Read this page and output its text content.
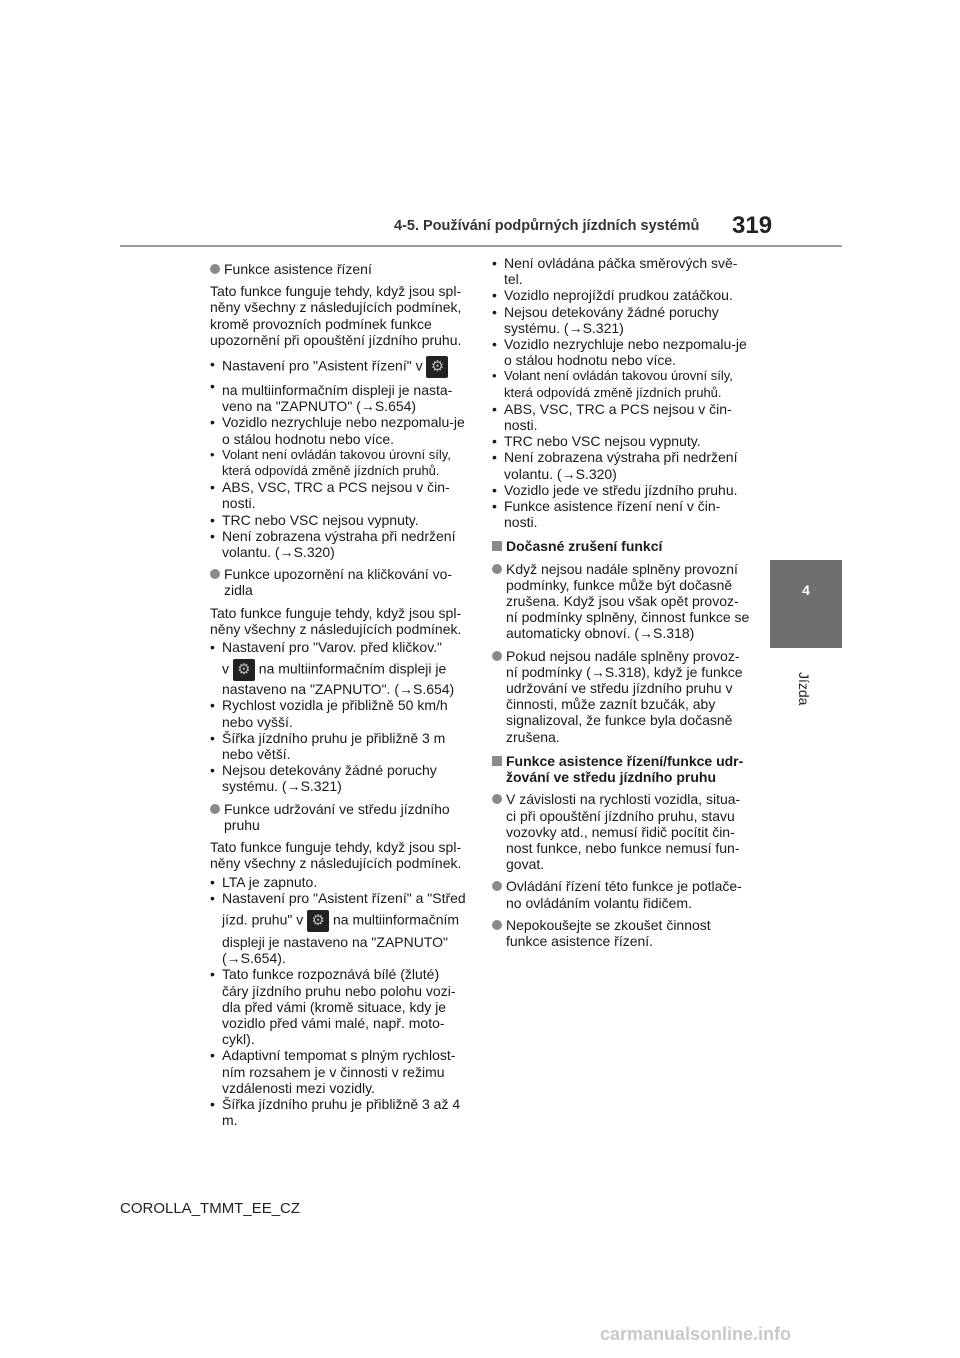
4-5. Používání podpůrných jízdních systémů 319
4
Jízda

Funkce asistence řízení

Tato funkce funguje tehdy, když jsou spl-něny všechny z následujících podmínek, kromě provozních podmínek funkce upozornění při opouštění jízdního pruhu.

• Nastavení pro "Asistent řízení" v ⚙

• na multiinformačním displeji je nasta-veno na "ZAPNUTO" (→S.654)

• Vozidlo nezrychluje nebo nezpomalu-je o stálou hodnotu nebo více.

• Volant není ovládán takovou úrovní síly, která odpovídá změně jízdních pruhů.

• ABS, VSC, TRC a PCS nejsou v čin-nosti.

• TRC nebo VSC nejsou vypnuty.

• Není zobrazena výstraha při nedržení volantu. (→S.320)

Funkce upozornění na kličkování vo-zidla

Tato funkce funguje tehdy, když jsou spl-něny všechny z následujících podmínek.

• Nastavení pro "Varov. před kličkov."

v ⚙ na multiinformačním displeji je nastaveno na "ZAPNUTO". (→S.654)

• Rychlost vozidla je přibližně 50 km/h nebo vyšší.

• Šířka jízdního pruhu je přibližně 3 m nebo větší.

• Nejsou detekovány žádné poruchy systému. (→S.321)

Funkce udržování ve středu jízdního pruhu

Tato funkce funguje tehdy, když jsou spl-něny všechny z následujících podmínek.

• LTA je zapnuto.

• Nastavení pro "Asistent řízení" a "Střed

jízd. pruhu" v ⚙ na multiinformačním

displeji je nastaveno na "ZAPNUTO" (→S.654).

• Tato funkce rozpoznává bílé (žluté) čáry jízdního pruhu nebo polohu vozi-dla před vámi (kromě situace, kdy je vozidlo před vámi malé, např. moto-cykl).

• Adaptivní tempomat s plným rychlost-ním rozsahem je v činnosti v režimu vzdálenosti mezi vozidly.

• Šířka jízdního pruhu je přibližně 3 až 4 m.

• Není ovládána páčka směrových svě-tel.

• Vozidlo neprojíždí prudkou zatáčkou.

• Nejsou detekovány žádné poruchy systému. (→S.321)

• Vozidlo nezrychluje nebo nezpomalu-je o stálou hodnotu nebo více.

• Volant není ovládán takovou úrovní síly, která odpovídá změně jízdních pruhů.

• ABS, VSC, TRC a PCS nejsou v čin-nosti.

• TRC nebo VSC nejsou vypnuty.

• Není zobrazena výstraha při nedržení volantu. (→S.320)

• Vozidlo jede ve středu jízdního pruhu.

• Funkce asistence řízení není v čin-nosti.

Dočasné zrušení funkcí

Když nejsou nadále splněny provozní podmínky, funkce může být dočasně zrušena. Když jsou však opět provoz-ní podmínky splněny, činnost funkce se automaticky obnoví. (→S.318)

Pokud nejsou nadále splněny provoz-ní podmínky (→S.318), když je funkce udržování ve středu jízdního pruhu v činnosti, může zaznít bzučák, aby signalizoval, že funkce byla dočasně zrušena.

Funkce asistence řízení/funkce udr-žování ve středu jízdního pruhu

V závislosti na rychlosti vozidla, situa-ci při opouštění jízdního pruhu, stavu vozovky atd., nemusí řidič pocítit čin-nost funkce, nebo funkce nemusí fun-govat.

Ovládání řízení této funkce je potlače-no ovládáním volantu řidičem.

Nepokoušejte se zkoušet činnost funkce asistence řízení.

COROLLA_TMMT_EE_CZ
carmanualsonline.info
